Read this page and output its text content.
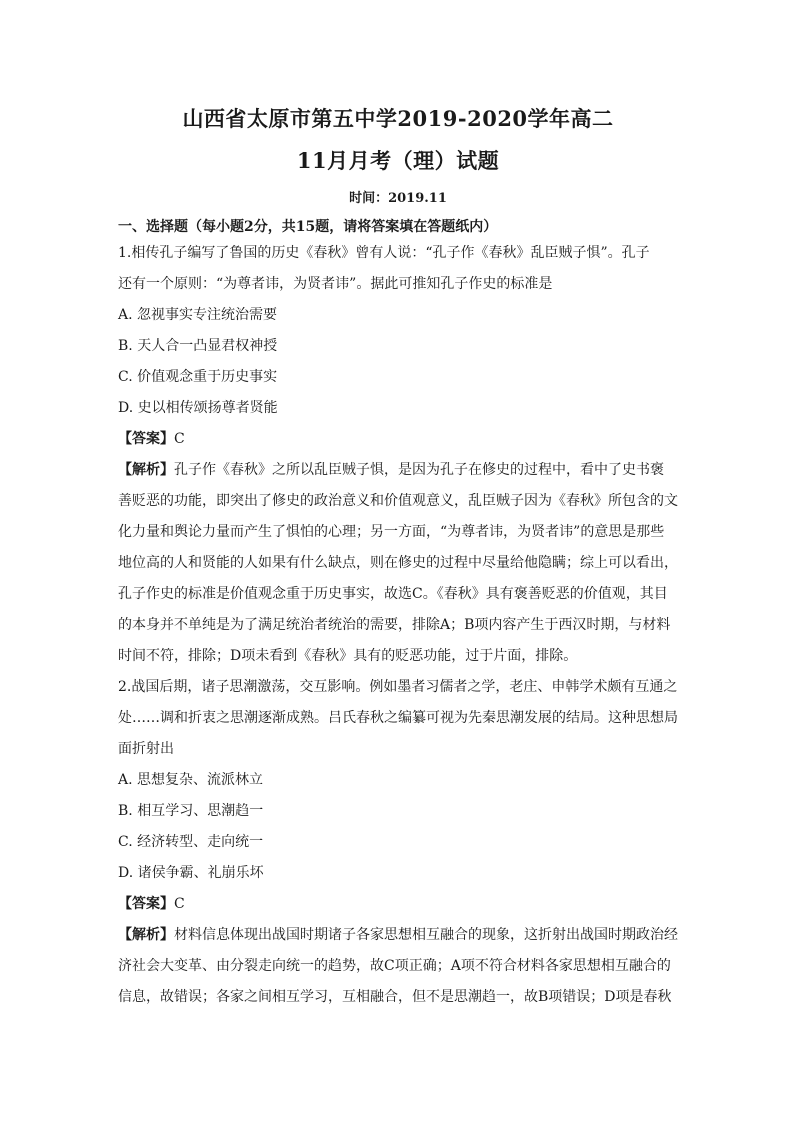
山西省太原市第五中学2019-2020学年高二
11月月考（理）试题
时间：2019.11
一、选择题（每小题2分，共15题，请将答案填在答题纸内）

1.相传孔子编写了鲁国的历史《春秋》曾有人说：“孔子作《春秋》乱臣贼子惧”。孔子

还有一个原则：“为尊者讳，为贤者讳”。据此可推知孔子作史的标准是

A. 忽视事实专注统治需要

B. 天人合一凸显君权神授

C. 价值观念重于历史事实

D. 史以相传颂扬尊者贤能

【答案】C

【解析】孔子作《春秋》之所以乱臣贼子惧，是因为孔子在修史的过程中，看中了史书褒

善贬恶的功能，即突出了修史的政治意义和价值观意义，乱臣贼子因为《春秋》所包含的文

化力量和舆论力量而产生了惧怕的心理；另一方面，“为尊者讳，为贤者讳”的意思是那些

地位高的人和贤能的人如果有什么缺点，则在修史的过程中尽量给他隐瞒；综上可以看出，

孔子作史的标准是价值观念重于历史事实，故选C。《春秋》具有褒善贬恶的价值观，其目

的本身并不单纯是为了满足统治者统治的需要，排除A；B项内容产生于西汉时期，与材料

时间不符，排除；D项未看到《春秋》具有的贬恶功能，过于片面，排除。

2.战国后期，诸子思潮激荡，交互影响。例如墨者习儒者之学，老庄、申韩学术颇有互通之

处……调和折衷之思潮逐渐成熟。吕氏春秋之编纂可视为先秦思潮发展的结局。这种思想局

面折射出

A. 思想复杂、流派林立

B. 相互学习、思潮趋一

C. 经济转型、走向统一

D. 诸侯争霸、礼崩乐坏

【答案】C

【解析】材料信息体现出战国时期诸子各家思想相互融合的现象，这折射出战国时期政治经

济社会大变革、由分裂走向统一的趋势，故C项正确；A项不符合材料各家思想相互融合的

信息，故错误；各家之间相互学习，互相融合，但不是思潮趋一，故B项错误；D项是春秋
